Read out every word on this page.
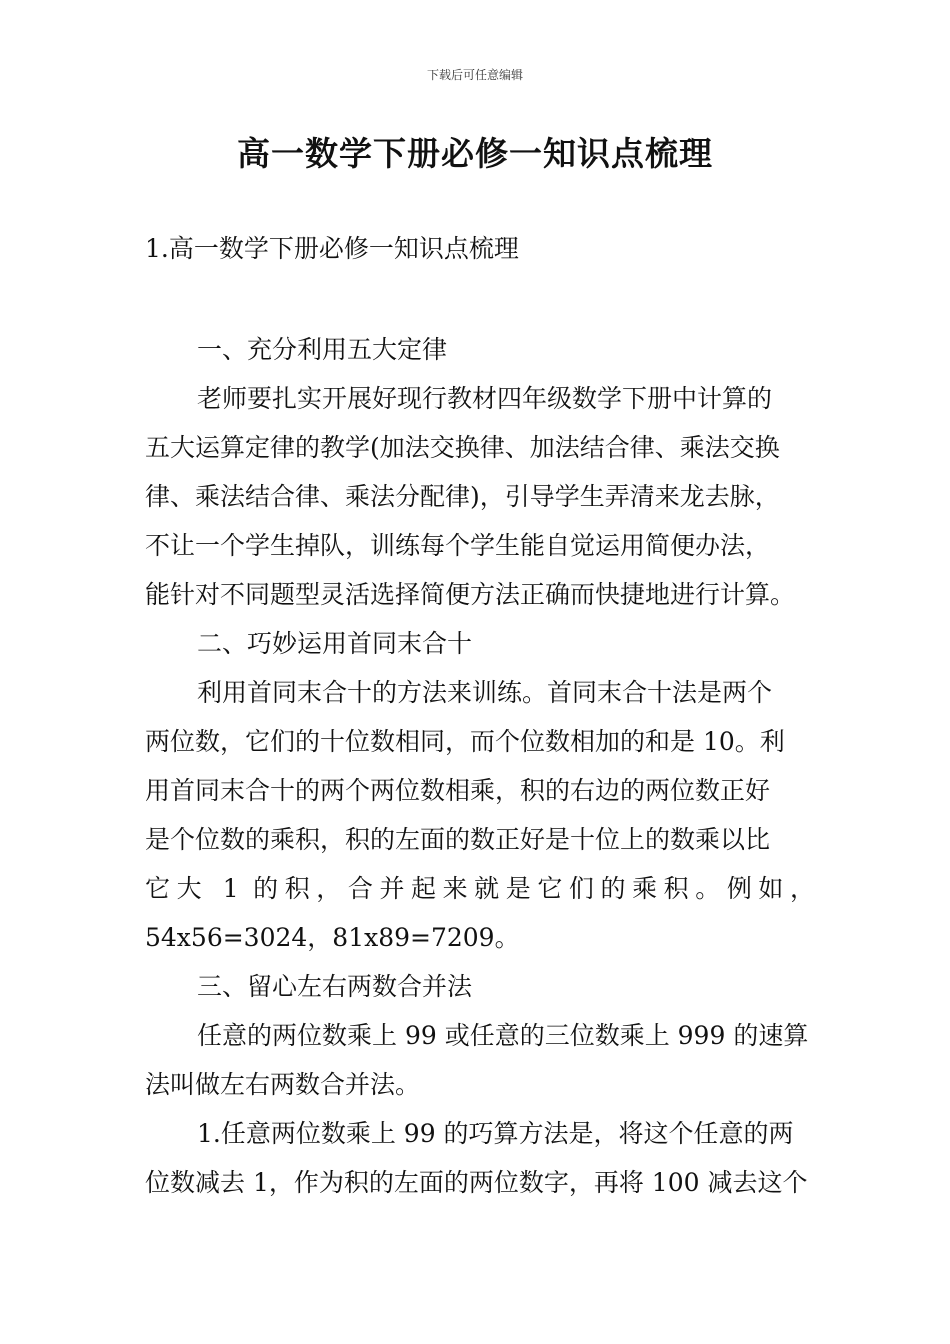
下载后可任意编辑
高一数学下册必修一知识点梳理

1.高一数学下册必修一知识点梳理

一、充分利用五大定律

老师要扎实开展好现行教材四年级数学下册中计算的

五大运算定律的教学(加法交换律、加法结合律、乘法交换

律、乘法结合律、乘法分配律)，引导学生弄清来龙去脉，

不让一个学生掉队，训练每个学生能自觉运用简便办法，

能针对不同题型灵活选择简便方法正确而快捷地进行计算。

二、巧妙运用首同末合十

利用首同末合十的方法来训练。首同末合十法是两个

两位数，它们的十位数相同，而个位数相加的和是 10。利

用首同末合十的两个两位数相乘，积的右边的两位数正好

是个位数的乘积，积的左面的数正好是十位上的数乘以比

它大 1 的积，合并起来就是它们的乘积。例如，

54x56=3024，81x89=7209。

三、留心左右两数合并法

任意的两位数乘上 99 或任意的三位数乘上 999 的速算

法叫做左右两数合并法。

1.任意两位数乘上 99 的巧算方法是，将这个任意的两

位数减去 1，作为积的左面的两位数字，再将 100 减去这个
